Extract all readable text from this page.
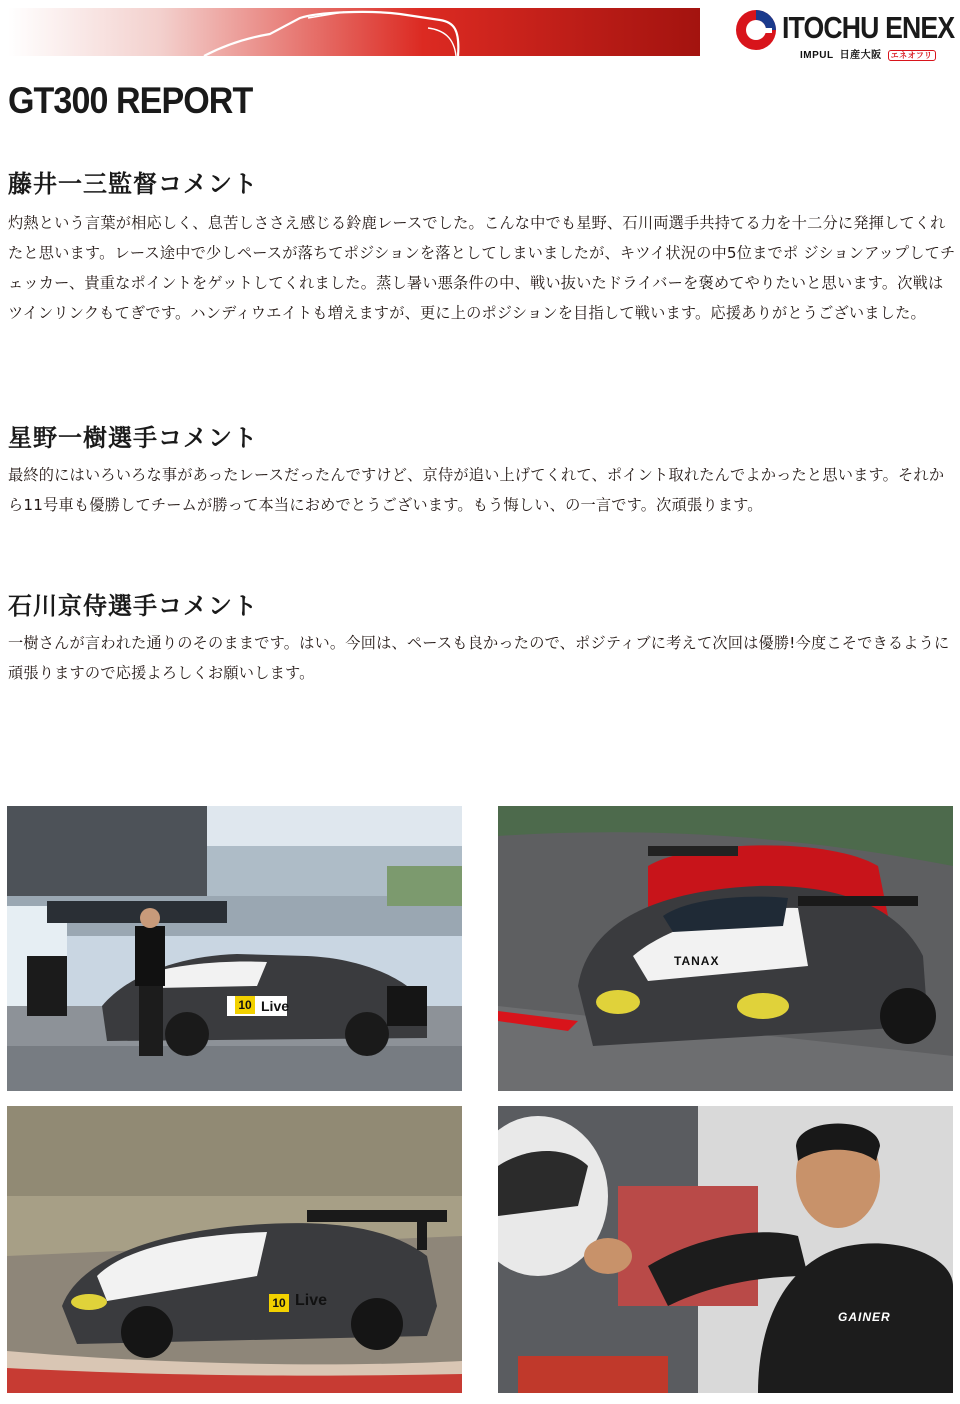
ITOCHU ENEX
IMPUL 日産大阪 エネオフリ
GT300 REPORT
藤井一三監督コメント

灼熱という言葉が相応しく、息苦しささえ感じる鈴鹿レースでした。こんな中でも星野、石川両選手共持てる力を十二分に発揮してくれたと思います。レース途中で少しペースが落ちてポジションを落としてしまいましたが、キツイ状況の中5位までポ ジションアップしてチェッカー、貴重なポイントをゲットしてくれました。蒸し暑い悪条件の中、戦い抜いたドライバーを褒めてやりたいと思います。次戦はツインリンクもてぎです。ハンディウエイトも増えますが、更に上のポジションを目指して戦います。応援ありがとうございました。

星野一樹選手コメント

最終的にはいろいろな事があったレースだったんですけど、京侍が追い上げてくれて、ポイント取れたんでよかったと思います。それから11号車も優勝してチームが勝って本当におめでとうございます。もう悔しい、の一言です。次頑張ります。

石川京侍選手コメント

一樹さんが言われた通りのそのままです。はい。今回は、ペースも良かったので、ポジティブに考えて次回は優勝!今度こそできるように頑張りますので応援よろしくお願いします。

10 Live
TANAX
10 Live
GAINER
